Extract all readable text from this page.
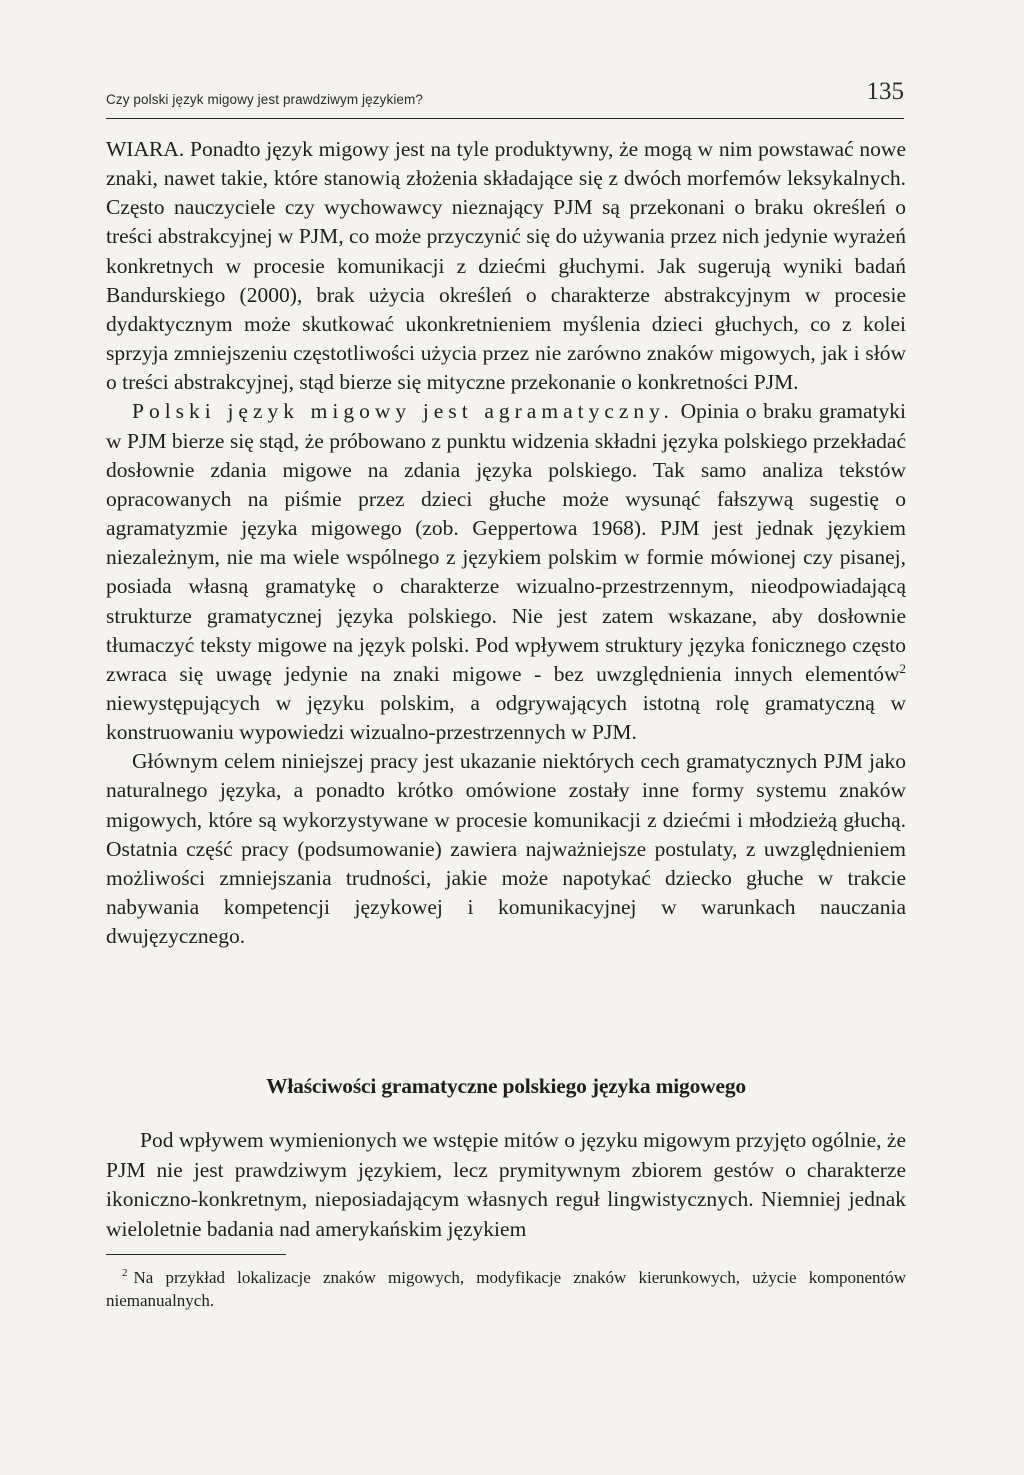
Czy polski język migowy jest prawdziwym językiem?	135

WIARA. Ponadto język migowy jest na tyle produktywny, że mogą w nim powstawać nowe znaki, nawet takie, które stanowią złożenia składające się z dwóch morfemów leksykalnych. Często nauczyciele czy wychowawcy nieznający PJM są przekonani o braku określeń o treści abstrakcyjnej w PJM, co może przyczynić się do używania przez nich jedynie wyrażeń konkretnych w procesie komunikacji z dziećmi głuchymi. Jak sugerują wyniki badań Bandurskiego (2000), brak użycia określeń o charakterze abstrakcyjnym w procesie dydaktycznym może skutkować ukonkretnieniem myślenia dzieci głuchych, co z kolei sprzyja zmniejszeniu częstotliwości użycia przez nie zarówno znaków migowych, jak i słów o treści abstrakcyjnej, stąd bierze się mityczne przekonanie o konkretności PJM.

Polski język migowy jest agramatyczny. Opinia o braku gramatyki w PJM bierze się stąd, że próbowano z punktu widzenia składni języka polskiego przekładać dosłownie zdania migowe na zdania języka polskiego. Tak samo analiza tekstów opracowanych na piśmie przez dzieci głuche może wysunąć fałszywą sugestię o agramatyzmie języka migowego (zob. Geppertowa 1968). PJM jest jednak językiem niezależnym, nie ma wiele wspólnego z językiem polskim w formie mówionej czy pisanej, posiada własną gramatykę o charakterze wizualno-przestrzennym, nieodpowiadającą strukturze gramatycznej języka polskiego. Nie jest zatem wskazane, aby dosłownie tłumaczyć teksty migowe na język polski. Pod wpływem struktury języka fonicznego często zwraca się uwagę jedynie na znaki migowe - bez uwzględnienia innych elementów$^2$ niewystępujących w języku polskim, a odgrywających istotną rolę gramatyczną w konstruowaniu wypowiedzi wizualno-przestrzennych w PJM.

Głównym celem niniejszej pracy jest ukazanie niektórych cech gramatycznych PJM jako naturalnego języka, a ponadto krótko omówione zostały inne formy systemu znaków migowych, które są wykorzystywane w procesie komunikacji z dziećmi i młodzieżą głuchą. Ostatnia część pracy (podsumowanie) zawiera najważniejsze postulaty, z uwzględnieniem możliwości zmniejszania trudności, jakie może napotykać dziecko głuche w trakcie nabywania kompetencji językowej i komunikacyjnej w warunkach nauczania dwujęzycznego.

Właściwości gramatyczne polskiego języka migowego

Pod wpływem wymienionych we wstępie mitów o języku migowym przyjęto ogólnie, że PJM nie jest prawdziwym językiem, lecz prymitywnym zbiorem gestów o charakterze ikoniczno-konkretnym, nieposiadającym własnych reguł lingwistycznych. Niemniej jednak wieloletnie badania nad amerykańskim językiem

$^2$ Na przykład lokalizacje znaków migowych, modyfikacje znaków kierunkowych, użycie komponentów niemanualnych.
